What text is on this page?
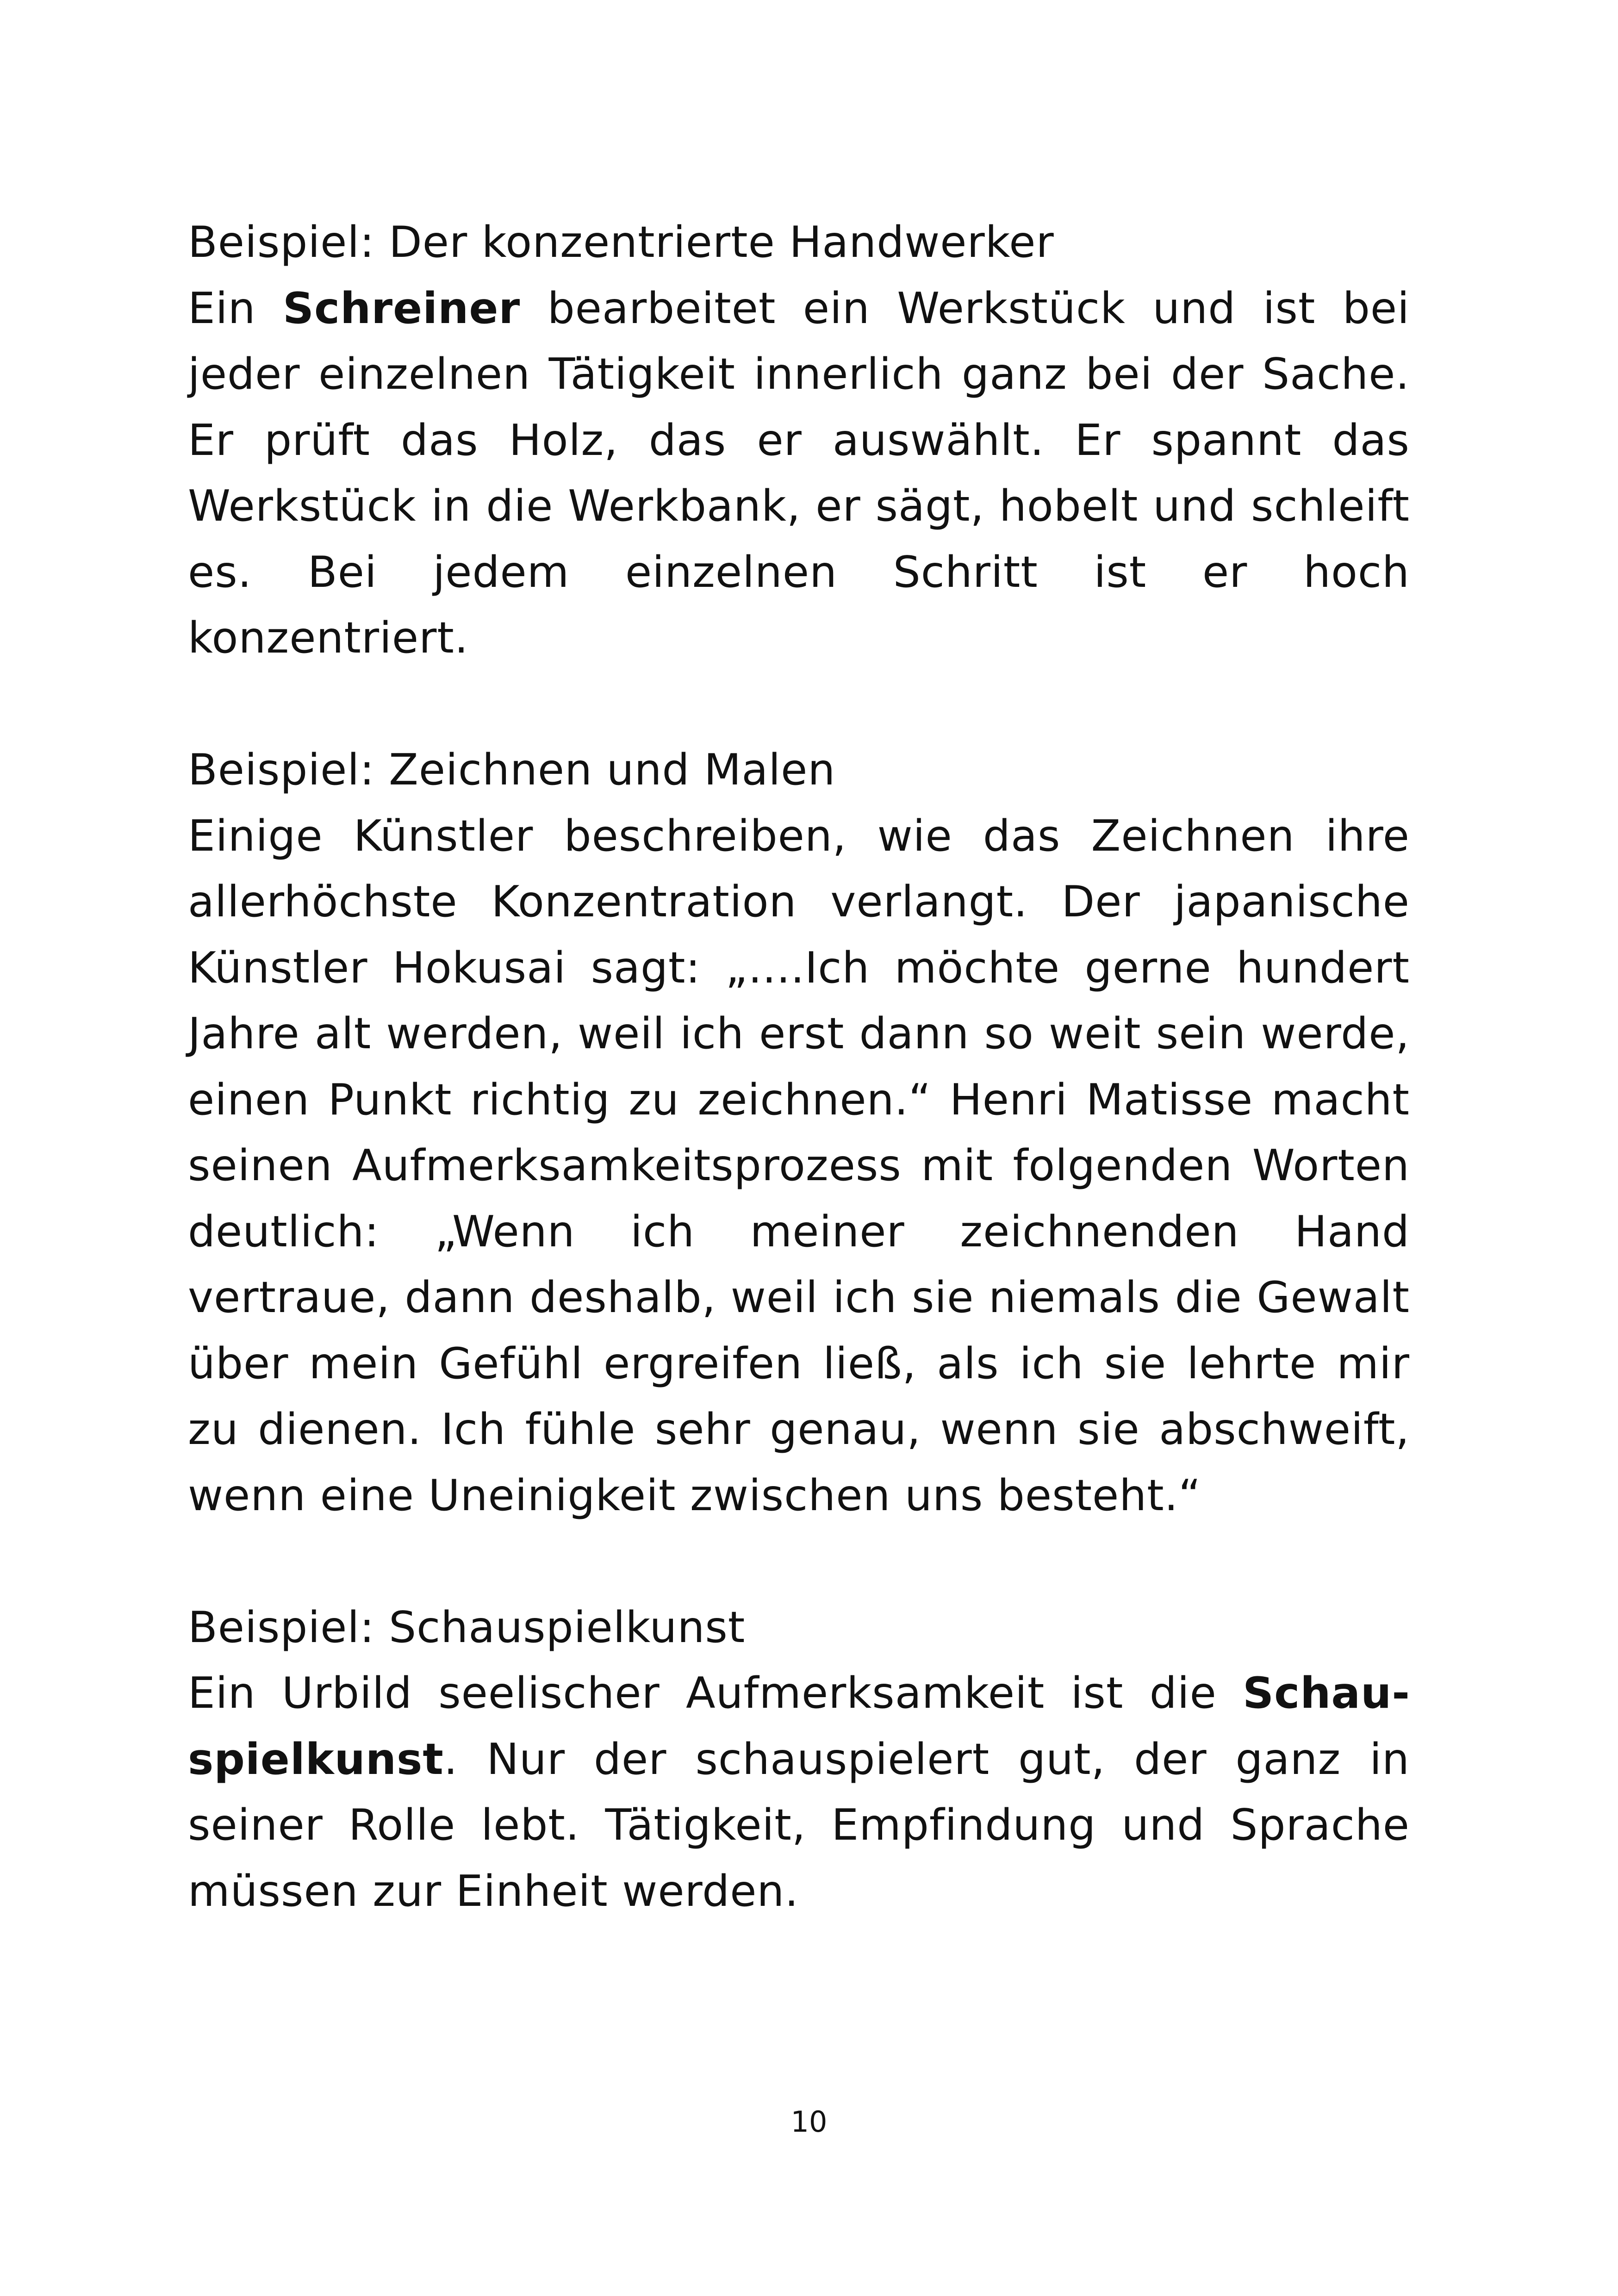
Beispiel: Der konzentrierte Handwerker
Ein Schreiner bearbeitet ein Werkstück und ist bei jeder einzelnen Tätigkeit innerlich ganz bei der Sache. Er prüft das Holz, das er auswählt. Er spannt das Werkstück in die Werkbank, er sägt, hobelt und schleift es. Bei jedem einzelnen Schritt ist er hoch konzentriert.
Beispiel: Zeichnen und Malen
Einige Künstler beschreiben, wie das Zeichnen ihre allerhöchste Konzentration verlangt. Der japanische Künstler Hokusai sagt: „....Ich möchte gerne hundert Jahre alt werden, weil ich erst dann so weit sein werde, einen Punkt richtig zu zeichnen.“ Henri Matisse macht seinen Aufmerksamkeitsprozess mit folgenden Worten deutlich: „Wenn ich meiner zeichnenden Hand vertraue, dann deshalb, weil ich sie niemals die Gewalt über mein Gefühl ergreifen ließ, als ich sie lehrte mir zu dienen. Ich fühle sehr genau, wenn sie abschweift, wenn eine Uneinigkeit zwischen uns besteht.“
Beispiel: Schauspielkunst
Ein Urbild seelischer Aufmerksamkeit ist die Schauspielkunst. Nur der schauspielert gut, der ganz in seiner Rolle lebt. Tätigkeit, Empfindung und Sprache müssen zur Einheit werden.
10
